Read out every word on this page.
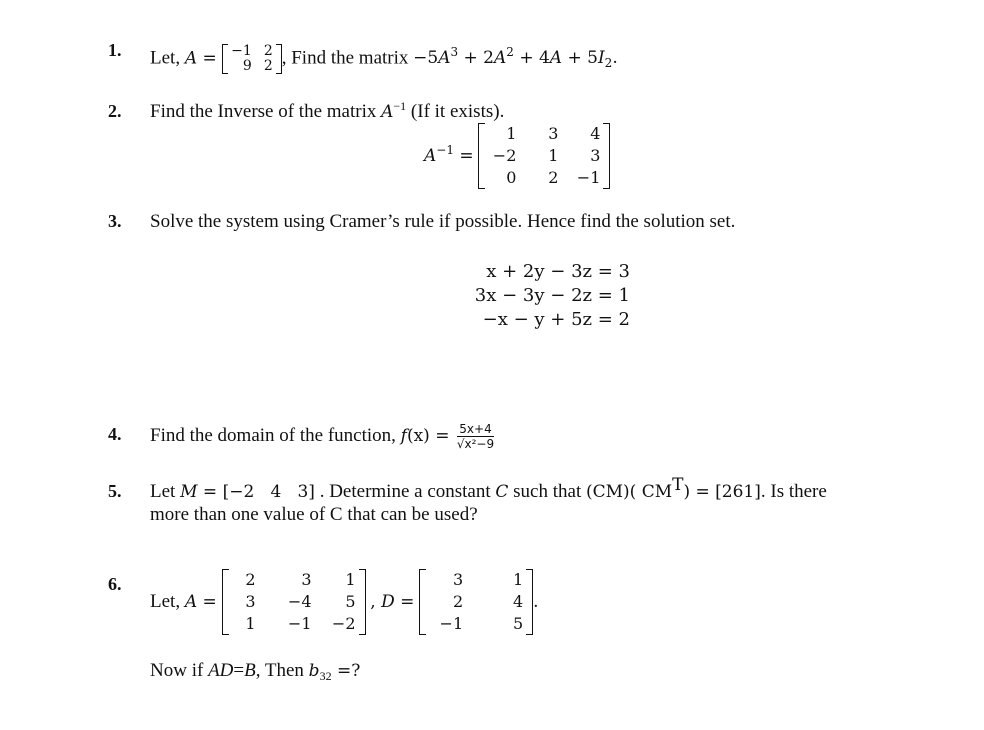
1. Let, A = −1 2
9 2 , Find the matrix $-5A^3 + 2A^2 + 4A + 5I_2$.
2. Find the Inverse of the matrix $A^{-1}$ (If it exists).
$A^{-1}$ =
1	3	4
−2	1	3
0	2 −1
3. Solve the system using Cramer’s rule if possible. Hence find the solution set.
x + 2y − 3z = 3
3x − 3y − 2z = 1
−x − y + 5z = 2
4. Find the domain of the function, $f(x) = \frac{5x+4}{\text{√x²−9}}$
5. Let M = [−2   4   3] . Determine a constant C such that (CM)( $CM^T) = [261]$. Is there
more than one value of C that can be used?
6.
Let, A =
2	3	1
3	−4	5
1	−1	−2
, D =
3	1
2	4
−1	5
.
Now if AD=B, Then $b_{32}$ =?
